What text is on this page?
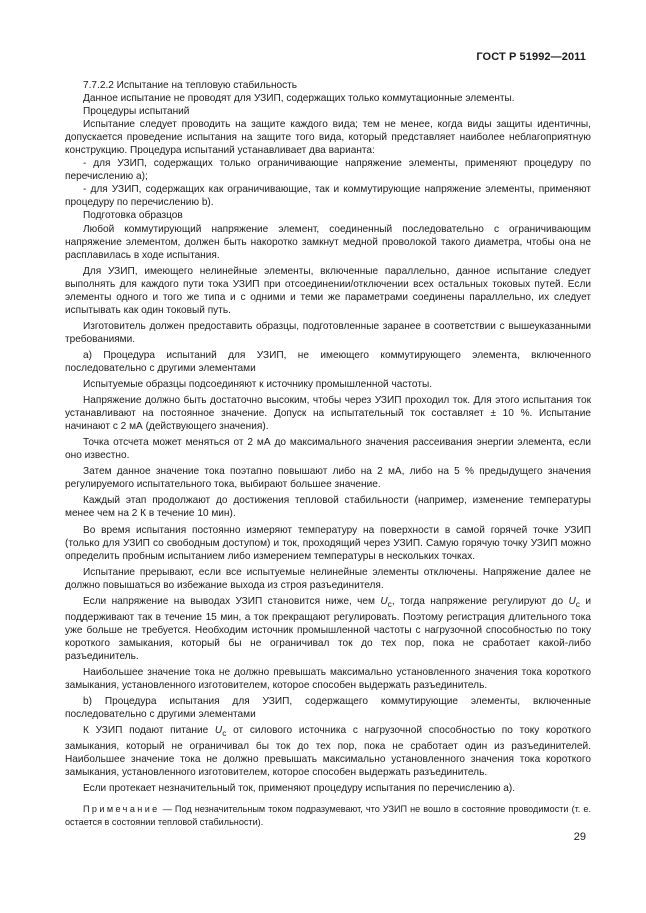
ГОСТ Р 51992—2011

7.7.2.2 Испытание на тепловую стабильность

Данное испытание не проводят для УЗИП, содержащих только коммутационные элементы.

Процедуры испытаний

Испытание следует проводить на защите каждого вида; тем не менее, когда виды защиты идентичны, допускается проведение испытания на защите того вида, который представляет наиболее неблагоприятную конструкцию. Процедура испытаний устанавливает два варианта:

- для УЗИП, содержащих только ограничивающие напряжение элементы, применяют процедуру по перечислению а);

- для УЗИП, содержащих как ограничивающие, так и коммутирующие напряжение элементы, применяют процедуру по перечислению b).

Подготовка образцов

Любой коммутирующий напряжение элемент, соединенный последовательно с ограничивающим напряжение элементом, должен быть накоротко замкнут медной проволокой такого диаметра, чтобы она не расплавилась в ходе испытания.

Для УЗИП, имеющего нелинейные элементы, включенные параллельно, данное испытание следует выполнять для каждого пути тока УЗИП при отсоединении/отключении всех остальных токовых путей. Если элементы одного и того же типа и с одними и теми же параметрами соединены параллельно, их следует испытывать как один токовый путь.

Изготовитель должен предоставить образцы, подготовленные заранее в соответствии с вышеуказанными требованиями.

а) Процедура испытаний для УЗИП, не имеющего коммутирующего элемента, включенного последовательно с другими элементами

Испытуемые образцы подсоединяют к источнику промышленной частоты.

Напряжение должно быть достаточно высоким, чтобы через УЗИП проходил ток. Для этого испытания ток устанавливают на постоянное значение. Допуск на испытательный ток составляет ± 10 %. Испытание начинают с 2 мА (действующего значения).

Точка отсчета может меняться от 2 мА до максимального значения рассеивания энергии элемента, если оно известно.

Затем данное значение тока поэтапно повышают либо на 2 мА, либо на 5 % предыдущего значения регулируемого испытательного тока, выбирают большее значение.

Каждый этап продолжают до достижения тепловой стабильности (например, изменение температуры менее чем на 2 К в течение 10 мин).

Во время испытания постоянно измеряют температуру на поверхности в самой горячей точке УЗИП (только для УЗИП со свободным доступом) и ток, проходящий через УЗИП. Самую горячую точку УЗИП можно определить пробным испытанием либо измерением температуры в нескольких точках.

Испытание прерывают, если все испытуемые нелинейные элементы отключены. Напряжение далее не должно повышаться во избежание выхода из строя разъединителя.

Если напряжение на выводах УЗИП становится ниже, чем $U_c$, тогда напряжение регулируют до $U_c$ и поддерживают так в течение 15 мин, а ток прекращают регулировать. Поэтому регистрация длительного тока уже больше не требуется. Необходим источник промышленной частоты с нагрузочной способностью по току короткого замыкания, который бы не ограничивал ток до тех пор, пока не сработает какой-либо разъединитель.

Наибольшее значение тока не должно превышать максимально установленного значения тока короткого замыкания, установленного изготовителем, которое способен выдержать разъединитель.

b) Процедура испытания для УЗИП, содержащего коммутирующие элементы, включенные последовательно с другими элементами

К УЗИП подают питание $U_c$ от силового источника с нагрузочной способностью по току короткого замыкания, который не ограничивал бы ток до тех пор, пока не сработает один из разъединителей. Наибольшее значение тока не должно превышать максимально установленного значения тока короткого замыкания, установленного изготовителем, которое способен выдержать разъединитель.

Если протекает незначительный ток, применяют процедуру испытания по перечислению а).

Примечание — Под незначительным током подразумевают, что УЗИП не вошло в состояние проводимости (т. е. остается в состоянии тепловой стабильности).

29
